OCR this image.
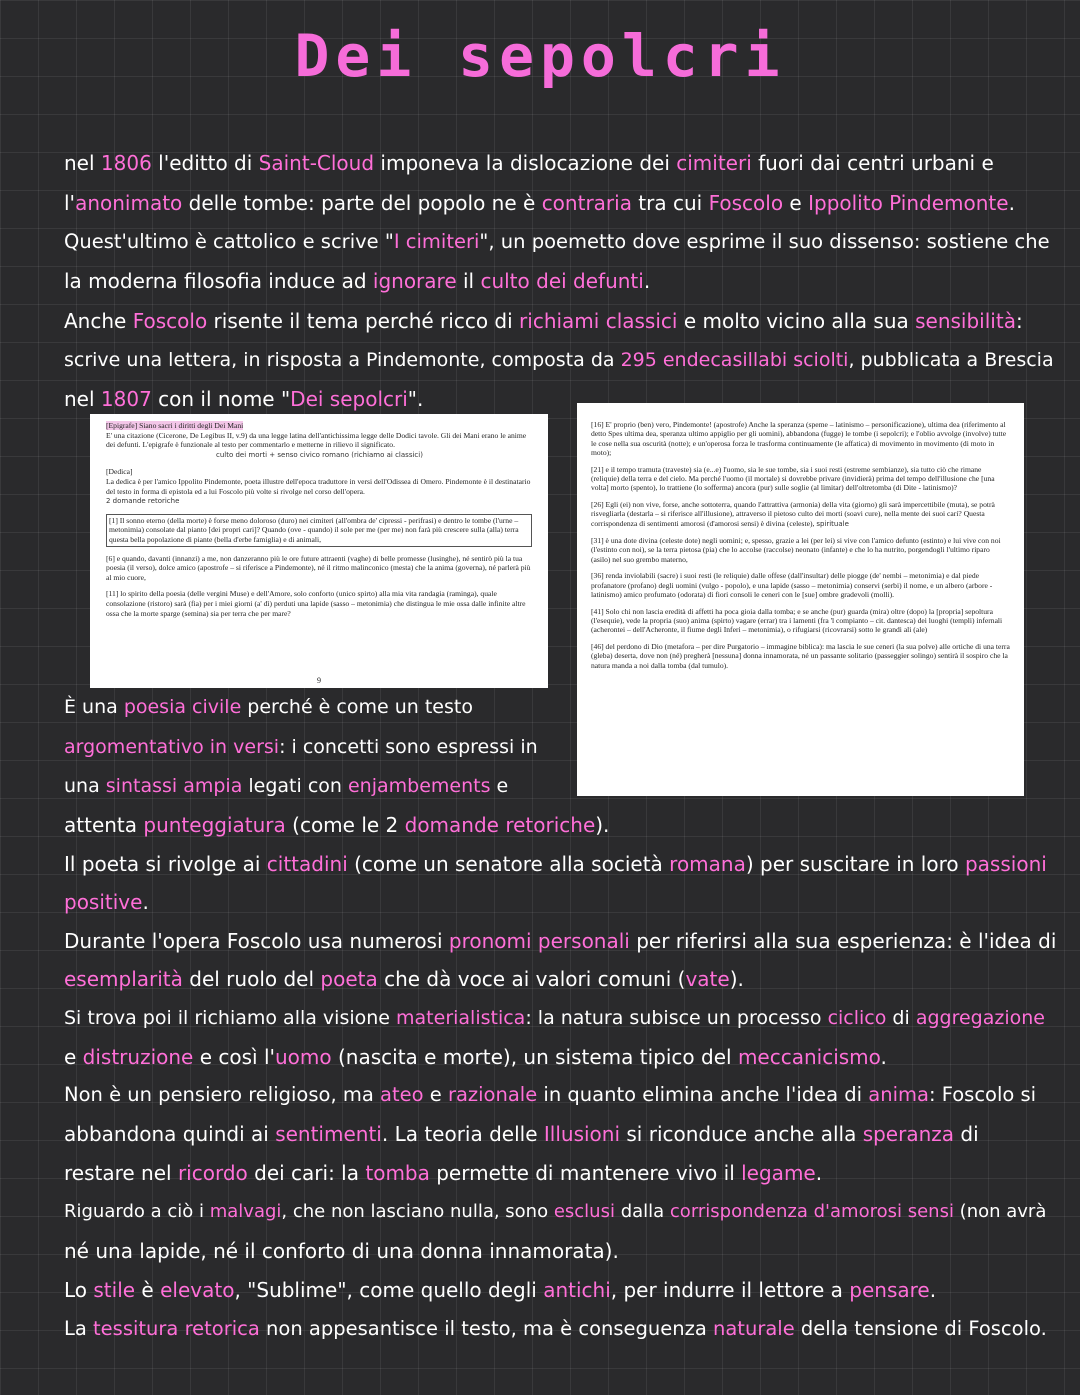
Dei sepolcri
nel 1806 l'editto di Saint-Cloud imponeva la dislocazione dei cimiteri fuori dai centri urbani e
l'anonimato delle tombe: parte del popolo ne è contraria tra cui Foscolo e Ippolito Pindemonte.
Quest'ultimo è cattolico e scrive "I cimiteri", un poemetto dove esprime il suo dissenso: sostiene che
la moderna filosofia induce ad ignorare il culto dei defunti.
Anche Foscolo risente il tema perché ricco di richiami classici e molto vicino alla sua sensibilità:
scrive una lettera, in risposta a Pindemonte, composta da 295 endecasillabi sciolti, pubblicata a Brescia
nel 1807 con il nome "Dei sepolcri".

[Epigrafe] Siano sacri i diritti degli Dei Mani
E' una citazione (Cicerone, De Legibus II, v.9) da una legge latina dell'antichissima legge delle Dodici tavole. Gli dei Mani erano le anime dei defunti. L'epigrafe è funzionale al testo per commentarlo e metterne in rilievo il significato.
culto dei morti + senso civico romano (richiamo ai classici)

[Dedica]
La dedica è per l'amico Ippolito Pindemonte, poeta illustre dell'epoca traduttore in versi dell'Odissea di Omero. Pindemonte è il destinatario del testo in forma di epistola ed a lui Foscolo più volte si rivolge nel corso dell'opera.
2 domande retoriche

[1] Il sonno eterno (della morte) è forse meno doloroso (duro) nei cimiteri (all'ombra de' cipressi - perifrasi) e dentro le tombe (l'urne – metonimia) consolate dal pianto [dei propri cari]? Quando (ove - quando) il sole per me (per me) non farà più crescere sulla (alla) terra questa bella popolazione di piante (bella d'erbe famiglia) e di animali,

[6] e quando, davanti (innanzi) a me, non danzeranno più le ore future attraenti (vaghe) di belle promesse (lusinghe), né sentirò più la tua poesia (il verso), dolce amico (apostrofe – si riferisce a Pindemonte), né il ritmo malinconico (mesta) che la anima (governa), né parlerà più al mio cuore,

[11] lo spirito della poesia (delle vergini Muse) e dell'Amore, solo conforto (unico spirto) alla mia vita randagia (raminga), quale consolazione (ristoro) sarà (fia) per i miei giorni (a' dì) perduti una lapide (sasso – metonimia) che distingua le mie ossa dalle infinite altre ossa che la morte sparge (semina) sia per terra che per mare?

9

[16] E' proprio (ben) vero, Pindemonte! (apostrofe) Anche la speranza (speme – latinismo – personificazione), ultima dea (riferimento al detto Spes ultima dea, speranza ultimo appiglio per gli uomini), abbandona (fugge) le tombe (i sepolcri); e l'oblio avvolge (involve) tutte le cose nella sua oscurità (notte); e un'operosa forza le trasforma continuamente (le affatica) di movimento in movimento (di moto in moto);

[21] e il tempo tramuta (traveste) sia (e...e) l'uomo, sia le sue tombe, sia i suoi resti (estreme sembianze), sia tutto ciò che rimane (reliquie) della terra e del cielo. Ma perché l'uomo (il mortale) si dovrebbe privare (invidierà) prima del tempo dell'illusione che [una volta] morto (spento), lo trattiene (lo sofferma) ancora (pur) sulle soglie (al limitar) dell'oltretomba (di Dite - latinismo)?

[26] Egli (ei) non vive, forse, anche sottoterra, quando l'attrattiva (armonia) della vita (giorno) gli sarà impercettibile (muta), se potrà risvegliarla (destarla – si riferisce all'illusione), attraverso il pietoso culto dei morti (soavi cure), nella mente dei suoi cari? Questa corrispondenza di sentimenti amorosi (d'amorosi sensi) è divina (celeste), spirituale

[31] è una dote divina (celeste dote) negli uomini; e, spesso, grazie a lei (per lei) si vive con l'amico defunto (estinto) e lui vive con noi (l'estinto con noi), se la terra pietosa (pia) che lo accolse (raccolse) neonato (infante) e che lo ha nutrito, porgendogli l'ultimo riparo (asilo) nel suo grembo materno,

[36] renda inviolabili (sacre) i suoi resti (le reliquie) dalle offese (dall'insultar) delle piogge (de' nembi – metonimia) e dal piede profanatore (profano) degli uomini (vulgo - popolo), e una lapide (sasso – metonimia) conservi (serbi) il nome, e un albero (arbore - latinismo) amico profumato (odorata) di fiori consoli le ceneri con le [sue] ombre gradevoli (molli).

[41] Solo chi non lascia eredità di affetti ha poca gioia dalla tomba; e se anche (pur) guarda (mira) oltre (dopo) la [propria] sepoltura (l'esequie), vede la propria (suo) anima (spirto) vagare (errar) tra i lamenti (fra 'l compianto – cit. dantesca) dei luoghi (templi) infernali (acherontei – dell'Acheronte, il fiume degli Inferi – metonimia), o rifugiarsi (ricovrarsi) sotto le grandi ali (ale)

[46] del perdono di Dio (metafora – per dire Purgatorio – immagine biblica): ma lascia le sue ceneri (la sua polve) alle ortiche di una terra (gleba) deserta, dove non (né) pregherà [nessuna] donna innamorata, né un passante solitario (passeggier solingo) sentirà il sospiro che la natura manda a noi dalla tomba (dal tumulo).

È una poesia civile perché è come un testo
argomentativo in versi: i concetti sono espressi in
una sintassi ampia legati con enjambements e
attenta punteggiatura (come le 2 domande retoriche).
Il poeta si rivolge ai cittadini (come un senatore alla società romana) per suscitare in loro passioni
positive.
Durante l'opera Foscolo usa numerosi pronomi personali per riferirsi alla sua esperienza: è l'idea di
esemplarità del ruolo del poeta che dà voce ai valori comuni (vate).
Si trova poi il richiamo alla visione materialistica: la natura subisce un processo ciclico di aggregazione
e distruzione e così l'uomo (nascita e morte), un sistema tipico del meccanicismo.
Non è un pensiero religioso, ma ateo e razionale in quanto elimina anche l'idea di anima: Foscolo si
abbandona quindi ai sentimenti. La teoria delle Illusioni si riconduce anche alla speranza di
restare nel ricordo dei cari: la tomba permette di mantenere vivo il legame.
Riguardo a ciò i malvagi, che non lasciano nulla, sono esclusi dalla corrispondenza d'amorosi sensi (non avrà
né una lapide, né il conforto di una donna innamorata).
Lo stile è elevato, "Sublime", come quello degli antichi, per indurre il lettore a pensare.
La tessitura retorica non appesantisce il testo, ma è conseguenza naturale della tensione di Foscolo.
